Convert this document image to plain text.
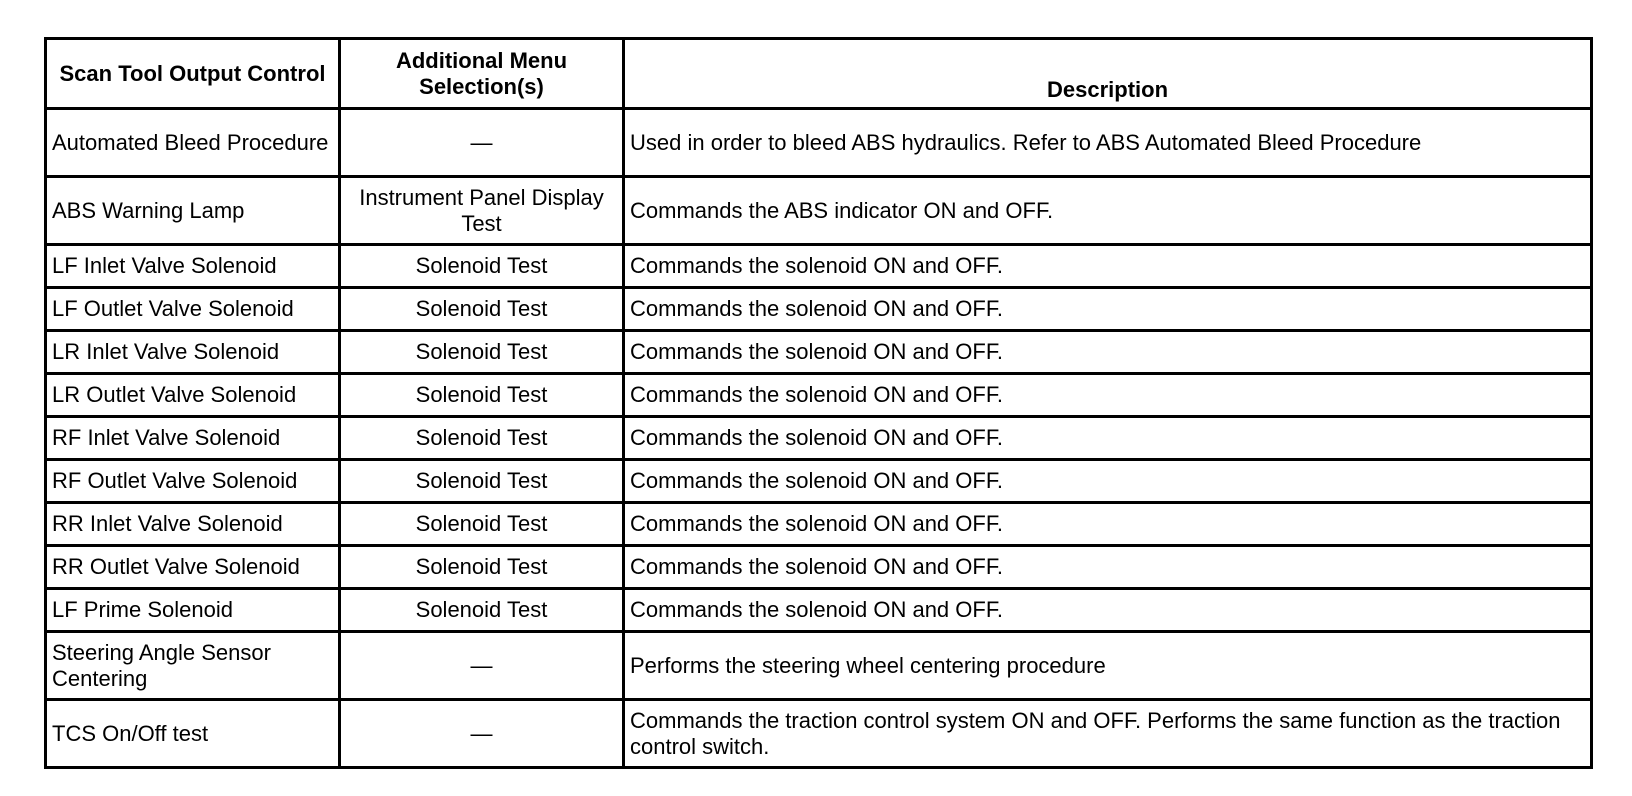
Scan Tool Output Control	Additional Menu Selection(s)	Description
Automated Bleed Procedure	—	Used in order to bleed ABS hydraulics. Refer to ABS Automated Bleed Procedure
ABS Warning Lamp	Instrument Panel Display Test	Commands the ABS indicator ON and OFF.
LF Inlet Valve Solenoid	Solenoid Test	Commands the solenoid ON and OFF.
LF Outlet Valve Solenoid	Solenoid Test	Commands the solenoid ON and OFF.
LR Inlet Valve Solenoid	Solenoid Test	Commands the solenoid ON and OFF.
LR Outlet Valve Solenoid	Solenoid Test	Commands the solenoid ON and OFF.
RF Inlet Valve Solenoid	Solenoid Test	Commands the solenoid ON and OFF.
RF Outlet Valve Solenoid	Solenoid Test	Commands the solenoid ON and OFF.
RR Inlet Valve Solenoid	Solenoid Test	Commands the solenoid ON and OFF.
RR Outlet Valve Solenoid	Solenoid Test	Commands the solenoid ON and OFF.
LF Prime Solenoid	Solenoid Test	Commands the solenoid ON and OFF.
Steering Angle Sensor Centering	—	Performs the steering wheel centering procedure
TCS On/Off test	—	Commands the traction control system ON and OFF. Performs the same function as the traction control switch.
